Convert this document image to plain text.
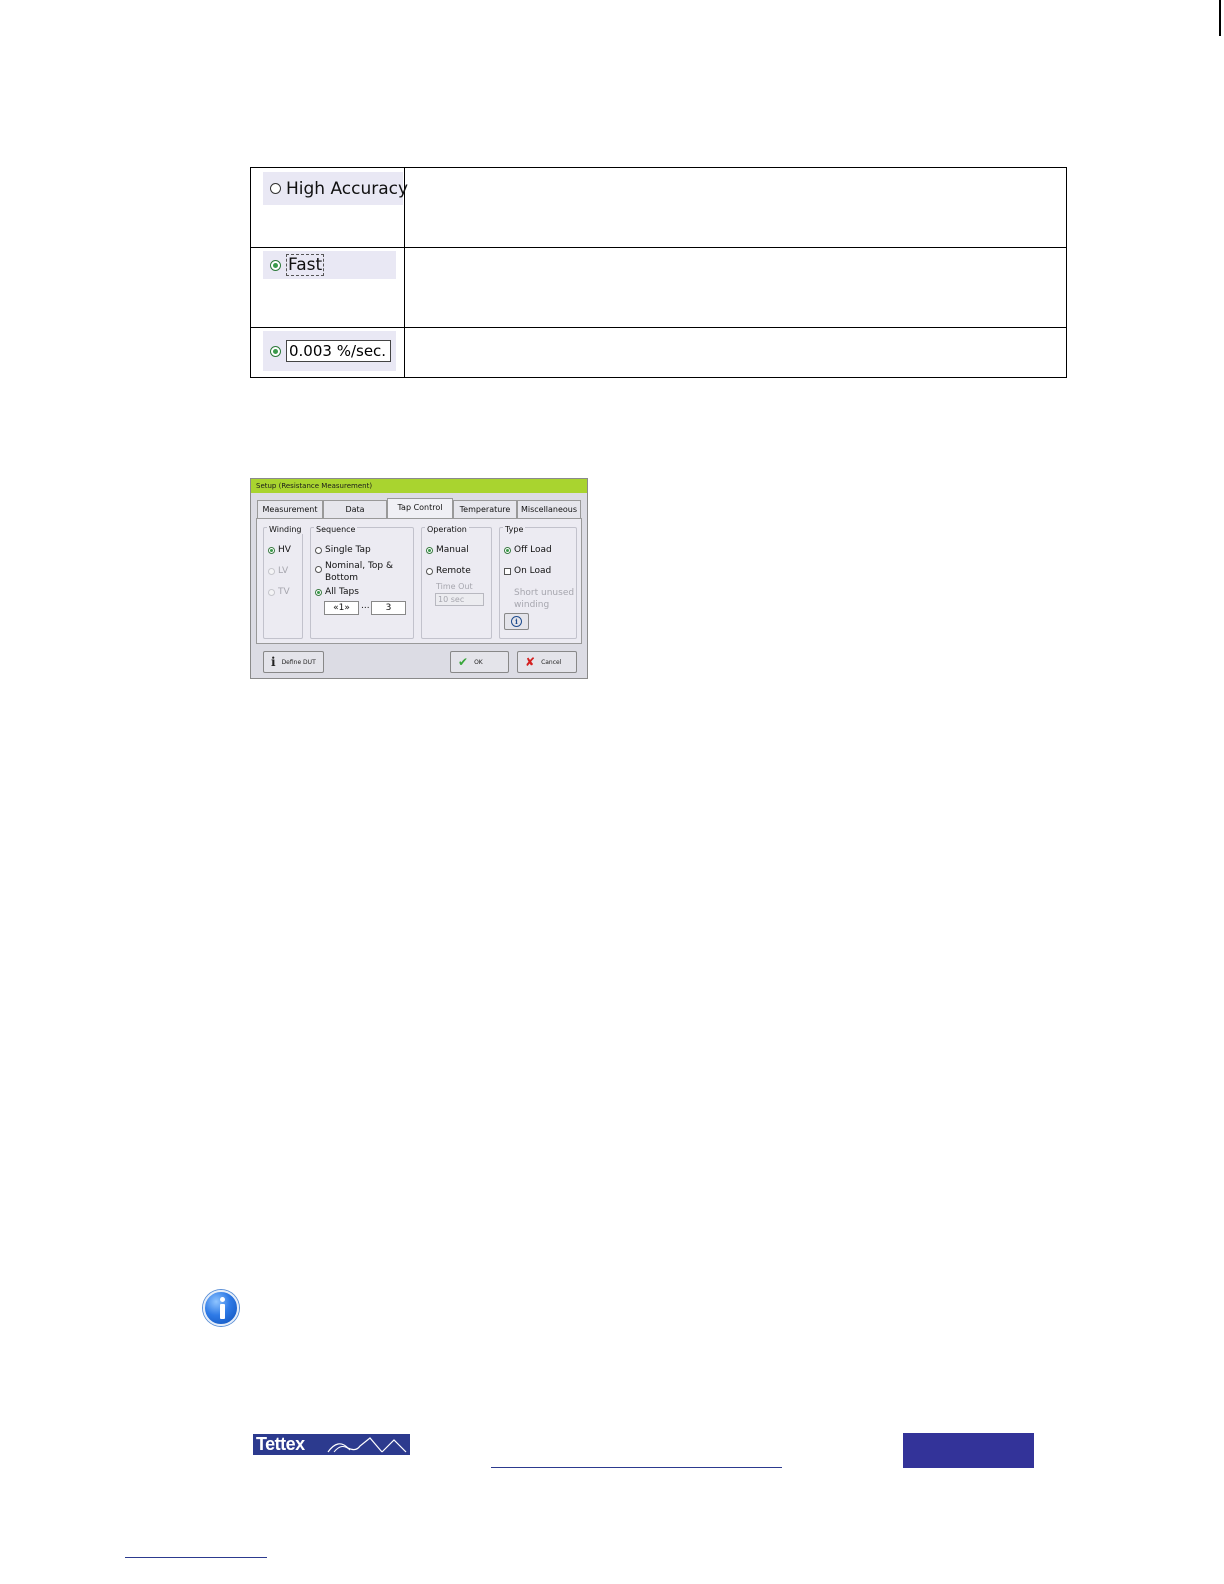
High Accuracy
Fast
0.003 %/sec.
Setup (Resistance Measurement)
Measurement	Data	Tap Control	Temperature	Miscellaneous
Winding
HV
LV
TV
Sequence
Single Tap
Nominal, Top &
Bottom
All Taps
«1»	...	3
Operation
Manual
Remote
Time Out
10 sec
Type
Off Load
On Load
Short unused
winding
i
i Define DUT	✔ OK	✘ Cancel
Tettex
